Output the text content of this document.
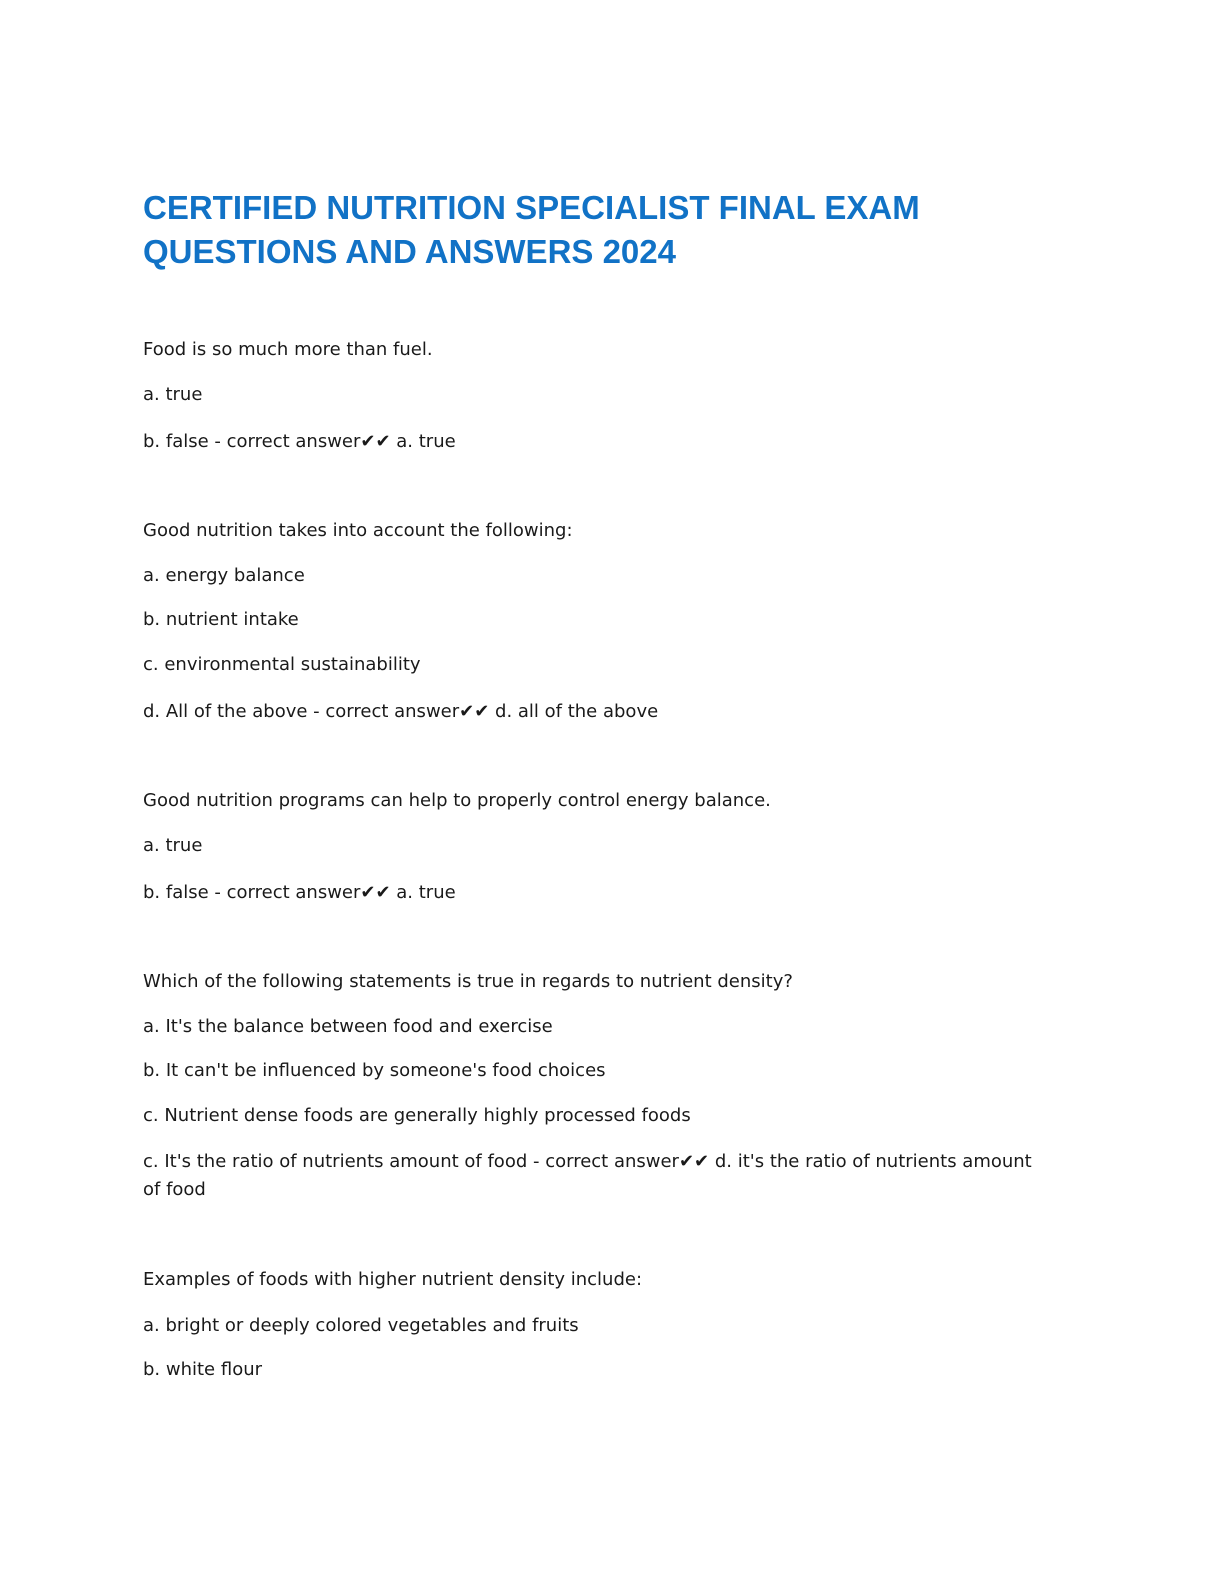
CERTIFIED NUTRITION SPECIALIST FINAL EXAM
QUESTIONS AND ANSWERS 2024

Food is so much more than fuel.

a. true

b. false - correct answer✔✔ a. true

Good nutrition takes into account the following:

a. energy balance

b. nutrient intake

c. environmental sustainability

d. All of the above - correct answer✔✔ d. all of the above

Good nutrition programs can help to properly control energy balance.

a. true

b. false - correct answer✔✔ a. true

Which of the following statements is true in regards to nutrient density?

a. It's the balance between food and exercise

b. It can't be influenced by someone's food choices

c. Nutrient dense foods are generally highly processed foods

c. It's the ratio of nutrients amount of food - correct answer✔✔ d. it's the ratio of nutrients amount of food

Examples of foods with higher nutrient density include:

a. bright or deeply colored vegetables and fruits

b. white flour
